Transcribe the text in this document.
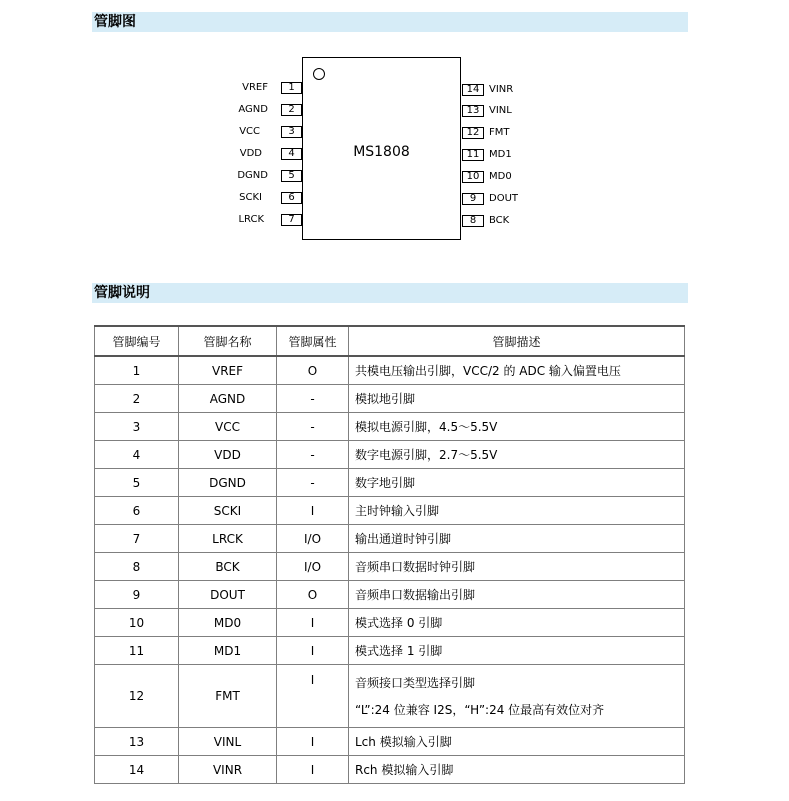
管脚图
MS1808
VREF	1
AGND	2
VCC	3
VDD	4
DGND	5
SCKI	6
LRCK	7
14 VINR
13 VINL
12 FMT
11 MD1
10 MD0
9	DOUT
8	BCK
管脚说明
管脚编号	管脚名称	管脚属性	管脚描述
1	VREF	O	共模电压输出引脚，VCC/2 的 ADC 输入偏置电压
2	AGND	-	模拟地引脚
3	VCC	-	模拟电源引脚，4.5～5.5V
4	VDD	-	数字电源引脚，2.7～5.5V
5	DGND	-	数字地引脚
6	SCKI	I	主时钟输入引脚
7	LRCK	I/O	输出通道时钟引脚
8	BCK	I/O	音频串口数据时钟引脚
9	DOUT	O	音频串口数据输出引脚
10	MD0	I	模式选择 0 引脚
11	MD1	I	模式选择 1 引脚
12	FMT	I	音频接口类型选择引脚
“L”:24 位兼容 I2S，“H”:24 位最高有效位对齐

13	VINL	I	Lch 模拟输入引脚
14	VINR	I	Rch 模拟输入引脚
